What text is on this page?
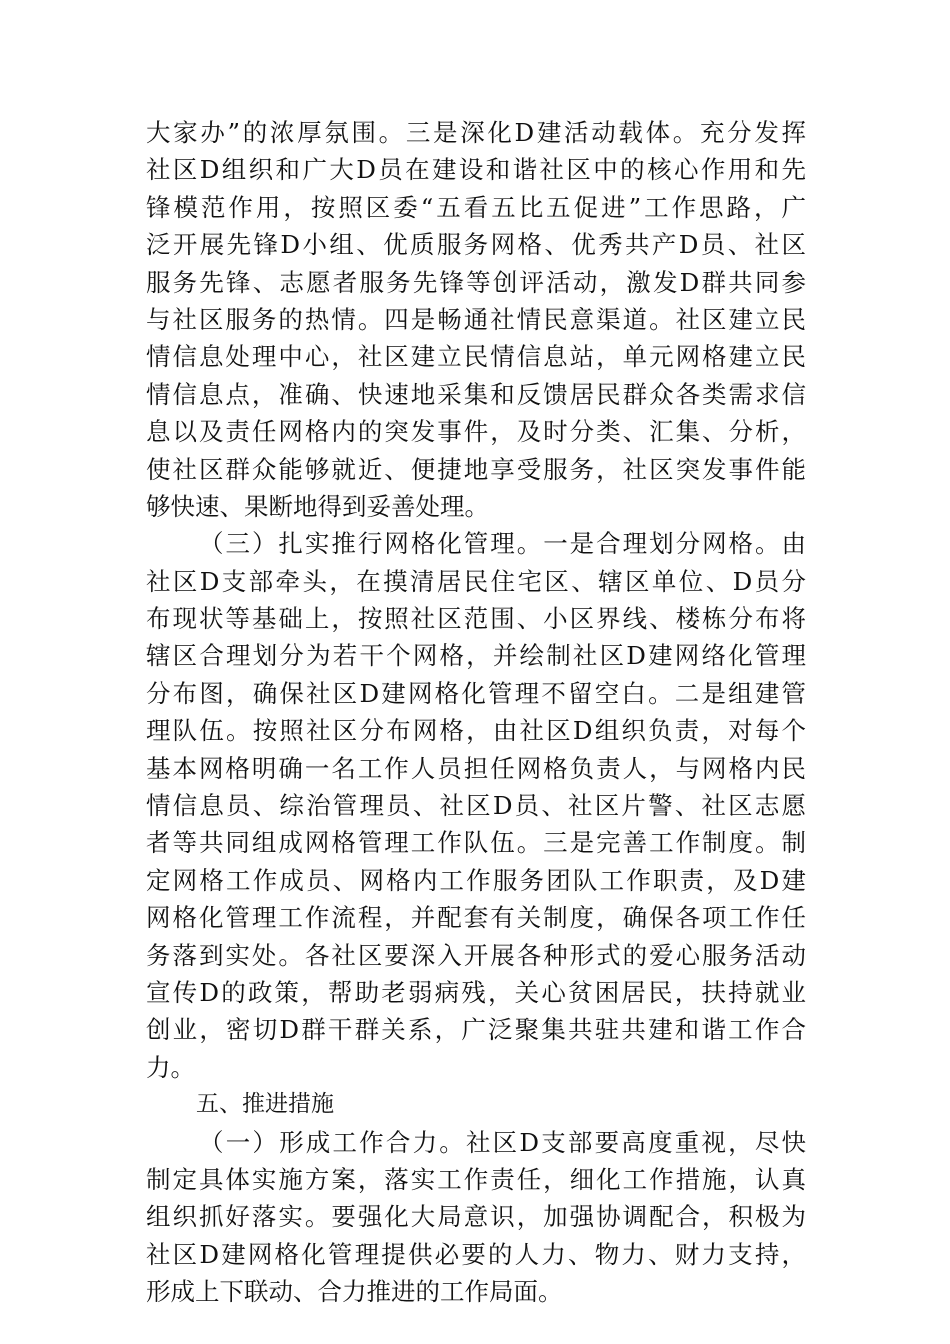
大家办”的浓厚氛围。三是深化D建活动载体。充分发挥
社区D组织和广大D员在建设和谐社区中的核心作用和先
锋模范作用，按照区委“五看五比五促进”工作思路，广
泛开展先锋D小组、优质服务网格、优秀共产D员、社区
服务先锋、志愿者服务先锋等创评活动，激发D群共同参
与社区服务的热情。四是畅通社情民意渠道。社区建立民
情信息处理中心，社区建立民情信息站，单元网格建立民
情信息点，准确、快速地采集和反馈居民群众各类需求信
息以及责任网格内的突发事件，及时分类、汇集、分析，
使社区群众能够就近、便捷地享受服务，社区突发事件能
够快速、果断地得到妥善处理。
（三）扎实推行网格化管理。一是合理划分网格。由
社区D支部牵头，在摸清居民住宅区、辖区单位、D员分
布现状等基础上，按照社区范围、小区界线、楼栋分布将
辖区合理划分为若干个网格，并绘制社区D建网络化管理
分布图，确保社区D建网格化管理不留空白。二是组建管
理队伍。按照社区分布网格，由社区D组织负责，对每个
基本网格明确一名工作人员担任网格负责人，与网格内民
情信息员、综治管理员、社区D员、社区片警、社区志愿
者等共同组成网格管理工作队伍。三是完善工作制度。制
定网格工作成员、网格内工作服务团队工作职责，及D建
网格化管理工作流程，并配套有关制度，确保各项工作任
务落到实处。各社区要深入开展各种形式的爱心服务活动
宣传D的政策，帮助老弱病残，关心贫困居民，扶持就业
创业，密切D群干群关系，广泛聚集共驻共建和谐工作合
力。
五、推进措施
（一）形成工作合力。社区D支部要高度重视，尽快
制定具体实施方案，落实工作责任，细化工作措施，认真
组织抓好落实。要强化大局意识，加强协调配合，积极为
社区D建网格化管理提供必要的人力、物力、财力支持，
形成上下联动、合力推进的工作局面。
